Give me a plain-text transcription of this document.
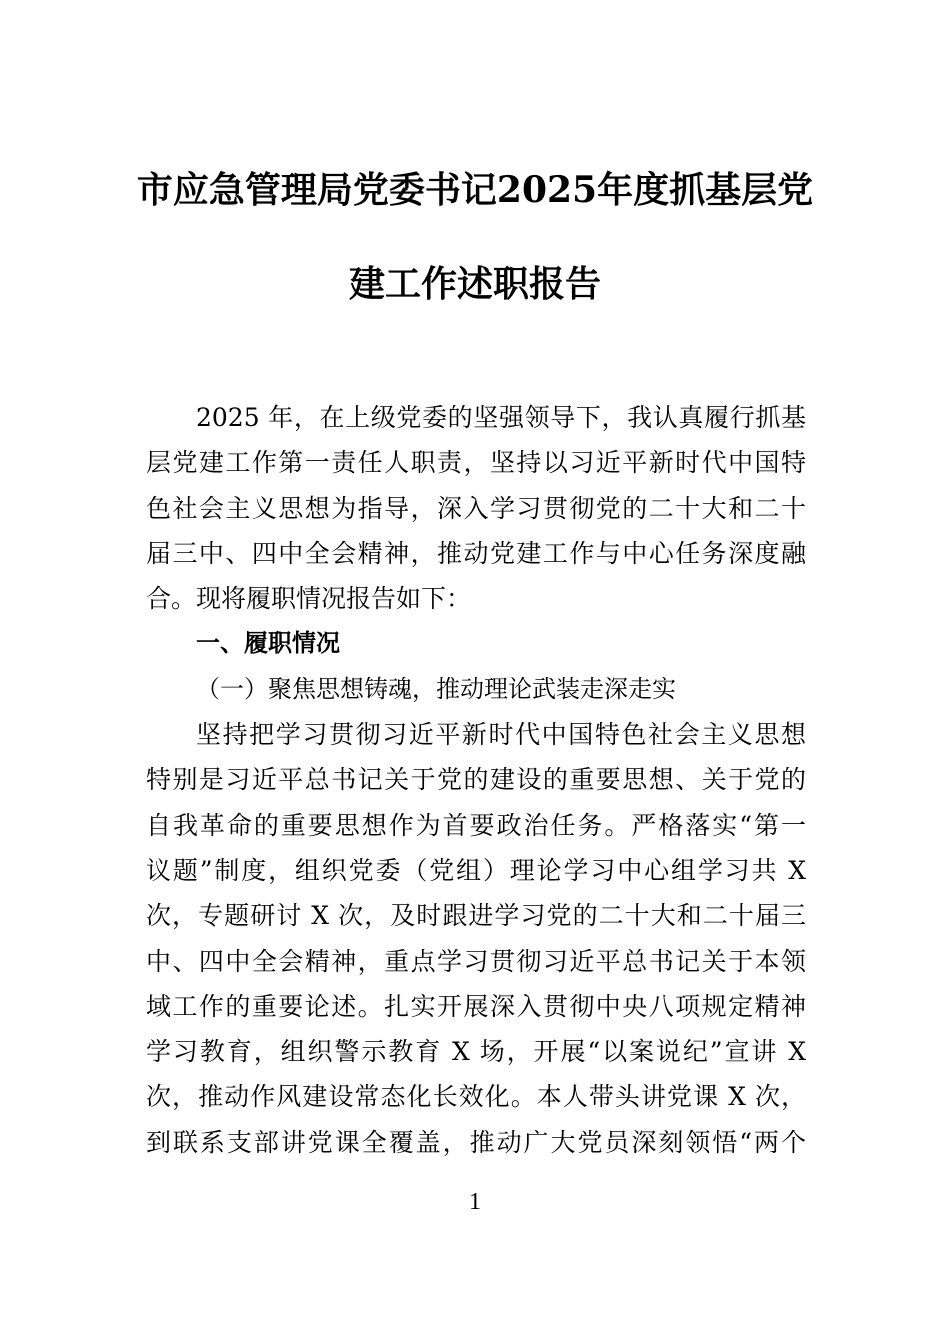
市应急管理局党委书记2025年度抓基层党
建工作述职报告
2025 年，在上级党委的坚强领导下，我认真履行抓基
层党建工作第一责任人职责，坚持以习近平新时代中国特
色社会主义思想为指导，深入学习贯彻党的二十大和二十
届三中、四中全会精神，推动党建工作与中心任务深度融
合。现将履职情况报告如下：
一、履职情况
（一）聚焦思想铸魂，推动理论武装走深走实
坚持把学习贯彻习近平新时代中国特色社会主义思想
特别是习近平总书记关于党的建设的重要思想、关于党的
自我革命的重要思想作为首要政治任务。严格落实“第一
议题”制度，组织党委（党组）理论学习中心组学习共 X
次，专题研讨 X 次，及时跟进学习党的二十大和二十届三
中、四中全会精神，重点学习贯彻习近平总书记关于本领
域工作的重要论述。扎实开展深入贯彻中央八项规定精神
学习教育，组织警示教育 X 场，开展“以案说纪”宣讲 X
次，推动作风建设常态化长效化。本人带头讲党课 X 次，
到联系支部讲党课全覆盖，推动广大党员深刻领悟“两个
1
